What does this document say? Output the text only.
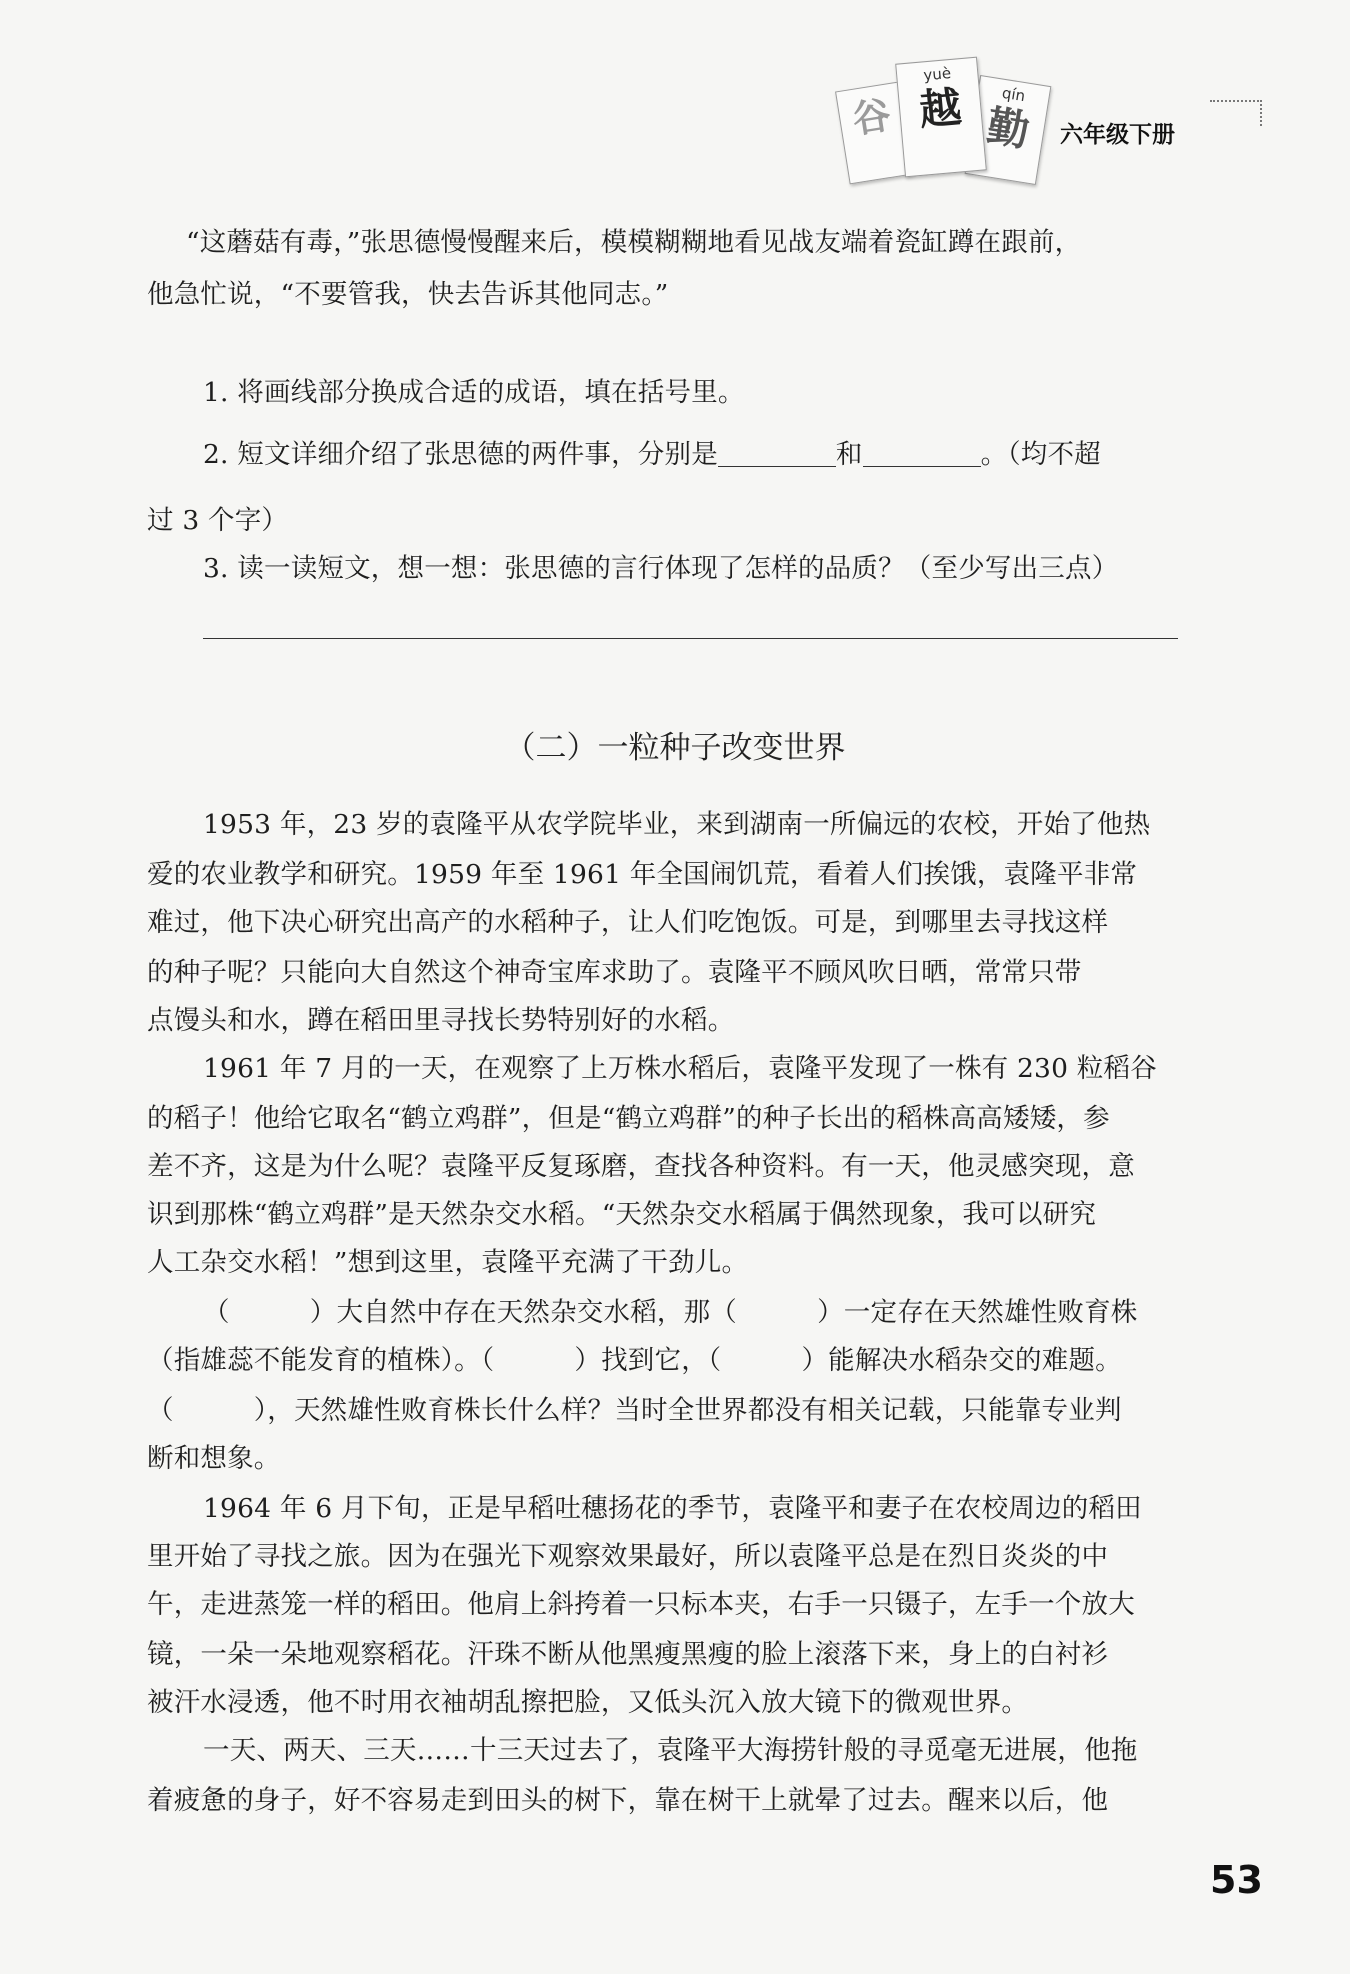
谷
yuè
越	qín
勤	六年级下册
“这蘑菇有毒，”张思德慢慢醒来后，模模糊糊地看见战友端着瓷缸蹲在跟前，
他急忙说，“不要管我，快去告诉其他同志。”
1. 将画线部分换成合适的成语，填在括号里。
2. 短文详细介绍了张思德的两件事，分别是	和	。（均不超
过 3 个字）
3. 读一读短文，想一想：张思德的言行体现了怎样的品质？（至少写出三点）
（二）一粒种子改变世界
1953 年，23 岁的袁隆平从农学院毕业，来到湖南一所偏远的农校，开始了他热
爱的农业教学和研究。1959 年至 1961 年全国闹饥荒，看着人们挨饿，袁隆平非常
难过，他下决心研究出高产的水稻种子，让人们吃饱饭。可是，到哪里去寻找这样
的种子呢？只能向大自然这个神奇宝库求助了。袁隆平不顾风吹日晒，常常只带
点馒头和水，蹲在稻田里寻找长势特别好的水稻。
1961 年 7 月的一天，在观察了上万株水稻后，袁隆平发现了一株有 230 粒稻谷
的稻子！他给它取名“鹤立鸡群”，但是“鹤立鸡群”的种子长出的稻株高高矮矮，参
差不齐，这是为什么呢？袁隆平反复琢磨，查找各种资料。有一天，他灵感突现，意
识到那株“鹤立鸡群”是天然杂交水稻。“天然杂交水稻属于偶然现象，我可以研究
人工杂交水稻！”想到这里，袁隆平充满了干劲儿。
（　　　）大自然中存在天然杂交水稻，那（　　　）一定存在天然雄性败育株
（指雄蕊不能发育的植株）。（　　　）找到它，（　　　）能解决水稻杂交的难题。
（　　　），天然雄性败育株长什么样？当时全世界都没有相关记载，只能靠专业判
断和想象。
1964 年 6 月下旬，正是早稻吐穗扬花的季节，袁隆平和妻子在农校周边的稻田
里开始了寻找之旅。因为在强光下观察效果最好，所以袁隆平总是在烈日炎炎的中
午，走进蒸笼一样的稻田。他肩上斜挎着一只标本夹，右手一只镊子，左手一个放大
镜，一朵一朵地观察稻花。汗珠不断从他黑瘦黑瘦的脸上滚落下来，身上的白衬衫
被汗水浸透，他不时用衣袖胡乱擦把脸，又低头沉入放大镜下的微观世界。
一天、两天、三天……十三天过去了，袁隆平大海捞针般的寻觅毫无进展，他拖
着疲惫的身子，好不容易走到田头的树下，靠在树干上就晕了过去。醒来以后，他
53
